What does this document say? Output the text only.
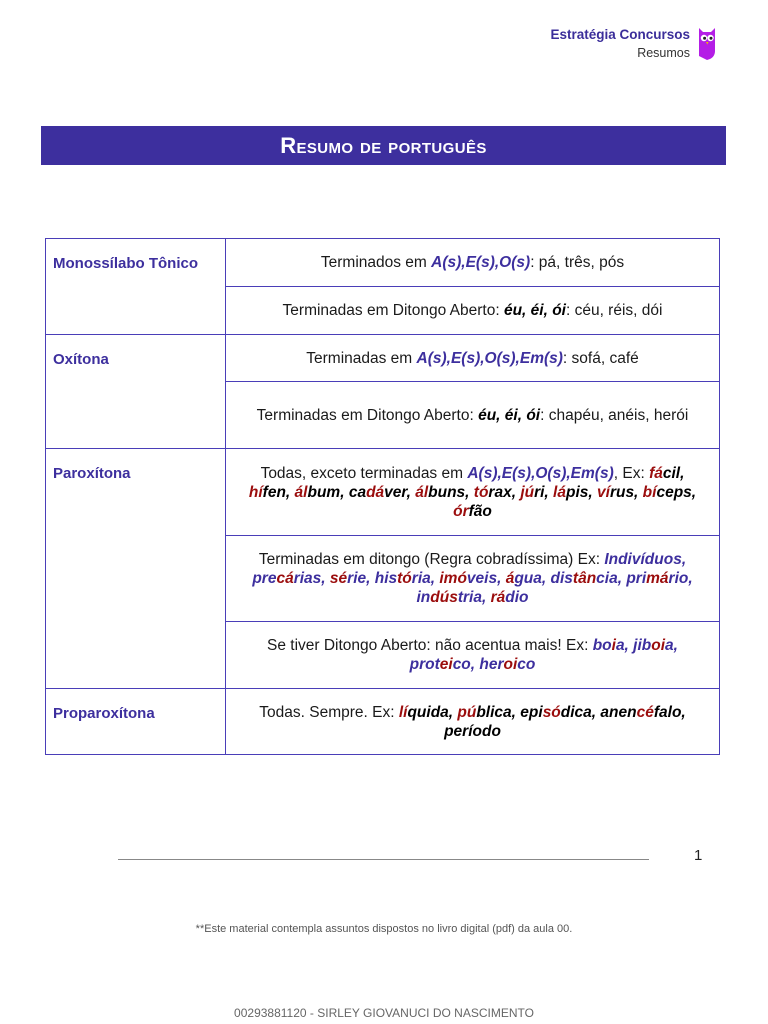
Estratégia Concursos
Resumos
Resumo de português
Monossílabo Tônico	Terminados em A(s),E(s),O(s): pá, três, pós
	Terminadas em Ditongo Aberto: éu, éi, ói: céu, réis, dói
Oxítona	Terminadas em A(s),E(s),O(s),Em(s): sofá, café
	Terminadas em Ditongo Aberto: éu, éi, ói: chapéu, anéis, herói
Paroxítona	Todas, exceto terminadas em A(s),E(s),O(s),Em(s), Ex: fácil, hífen, álbum, cadáver, álbuns, tórax, júri, lápis, vírus, bíceps, órfão
	Terminadas em ditongo (Regra cobradíssima) Ex: Indivíduos, precárias, série, história, imóveis, água, distância, primário, indústria, rádio
	Se tiver Ditongo Aberto: não acentua mais! Ex: boia, jiboia, proteico, heroico
Proparoxítona	Todas. Sempre. Ex: líquida, pública, episódica, anencéfalo, período
1
**Este material contempla assuntos dispostos no livro digital (pdf) da aula 00.
00293881120 - SIRLEY GIOVANUCI DO NASCIMENTO
